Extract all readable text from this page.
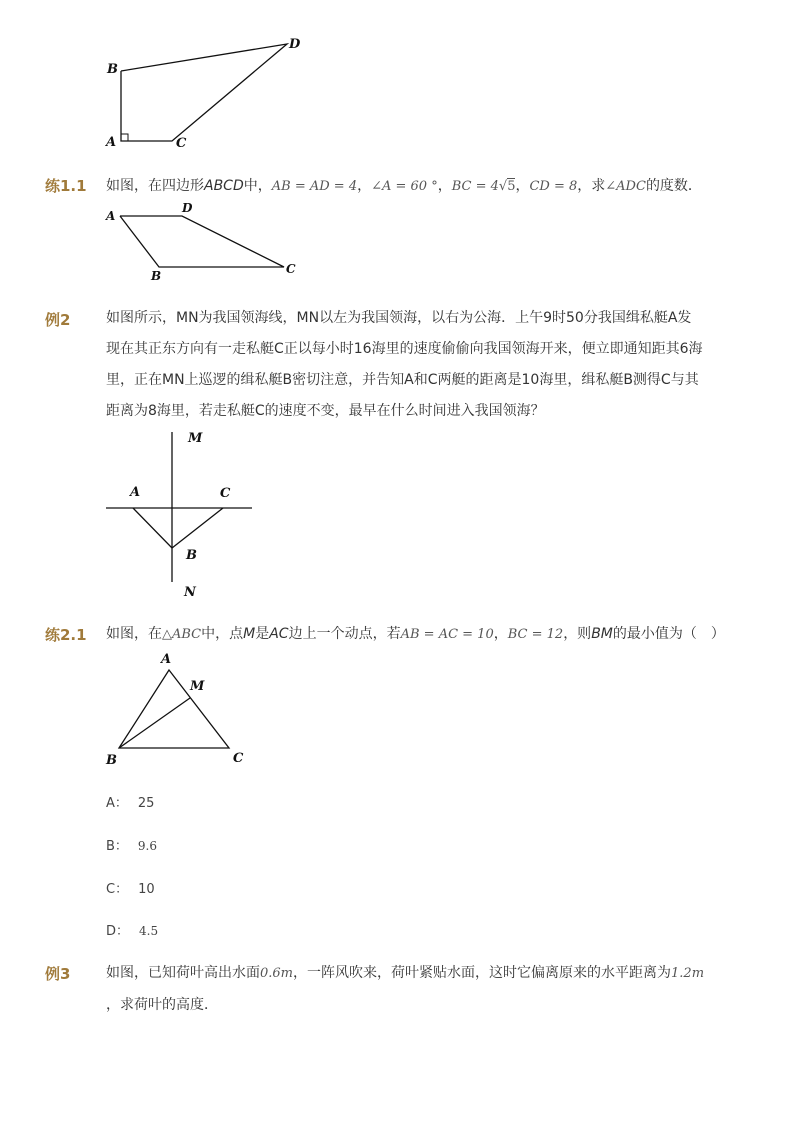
B
D
A	C
练1.1 如图，在四边形ABCD中，AB = AD = 4，∠A = 60 °，BC = 4√5，CD = 8，求∠ADC的度数．
A
D
B	C
例2	如图所示，MN为我国领海线，MN以左为我国领海，以右为公海．上午9时50分我国缉私艇A发
现在其正东方向有一走私艇C正以每小时16海里的速度偷偷向我国领海开来，便立即通知距其6海
里，正在MN上巡逻的缉私艇B密切注意，并告知A和C两艇的距离是10海里，缉私艇B测得C与其
距离为8海里，若走私艇C的速度不变，最早在什么时间进入我国领海？
M
A	C
B
N
练2.1 如图，在△ABC中，点M是AC边上一个动点，若AB = AC = 10，BC = 12，则BM的最小值为（　）
A
M
B	C
A： 25
B： 9.6
C： 10
D： 4.5
例3	如图，已知荷叶高出水面0.6m，一阵风吹来，荷叶紧贴水面，这时它偏离原来的水平距离为1.2m
，求荷叶的高度．
